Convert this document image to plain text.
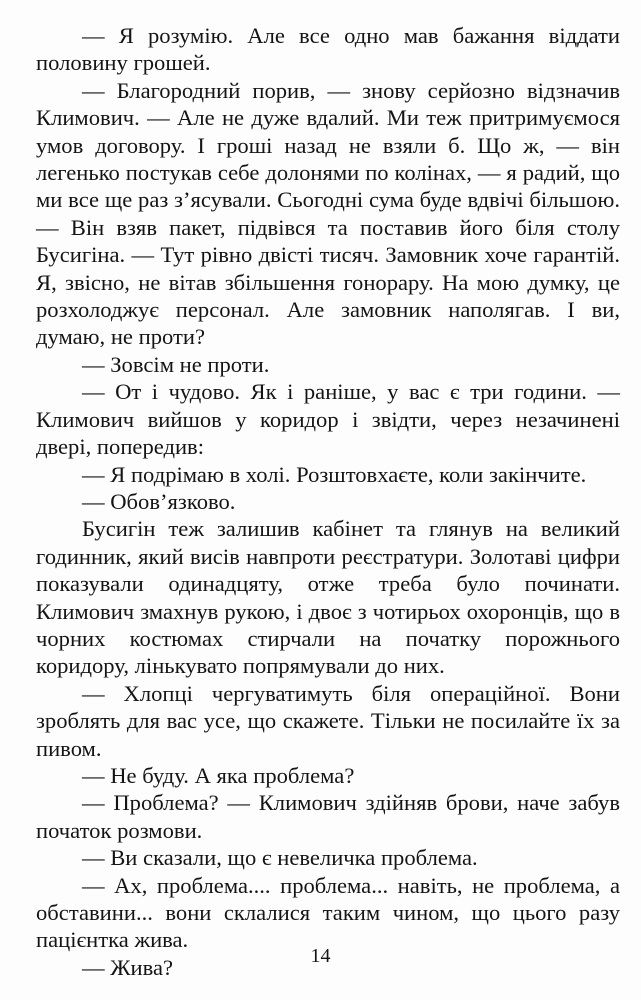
— Я розумію. Але все одно мав бажання віддати половину грошей.

— Благородний порив, — знову серйозно відзначив Климович. — Але не дуже вдалий. Ми теж притримуємося умов договору. І гроші назад не взяли б. Що ж, — він легенько постукав себе долонями по колінах, — я радий, що ми все ще раз з’ясували. Сьогодні сума буде вдвічі більшою. — Він взяв пакет, підвівся та поставив його біля столу Бусигіна. — Тут рівно двісті тисяч. Замовник хоче гарантій. Я, звісно, не вітав збільшення гонорару. На мою думку, це розхолоджує персонал. Але замовник наполягав. І ви, думаю, не проти?

— Зовсім не проти.

— От і чудово. Як і раніше, у вас є три години. — Климович вийшов у коридор і звідти, через незачинені двері, попередив:

— Я подрімаю в холі. Розштовхаєте, коли закінчите.

— Обов’язково.

Бусигін теж залишив кабінет та глянув на великий годинник, який висів навпроти реєстратури. Золотаві цифри показували одинадцяту, отже треба було починати. Климович змахнув рукою, і двоє з чотирьох охоронців, що в чорних костюмах стирчали на початку порожнього коридору, лінькувато попрямували до них.

— Хлопці чергуватимуть біля операційної. Вони зроблять для вас усе, що скажете. Тільки не посилайте їх за пивом.

— Не буду. А яка проблема?

— Проблема? — Климович здійняв брови, наче забув початок розмови.

— Ви сказали, що є невеличка проблема.

— Ах, проблема.... проблема... навіть, не проблема, а обставини... вони склалися таким чином, що цього разу пацієнтка жива.

— Жива?	14
